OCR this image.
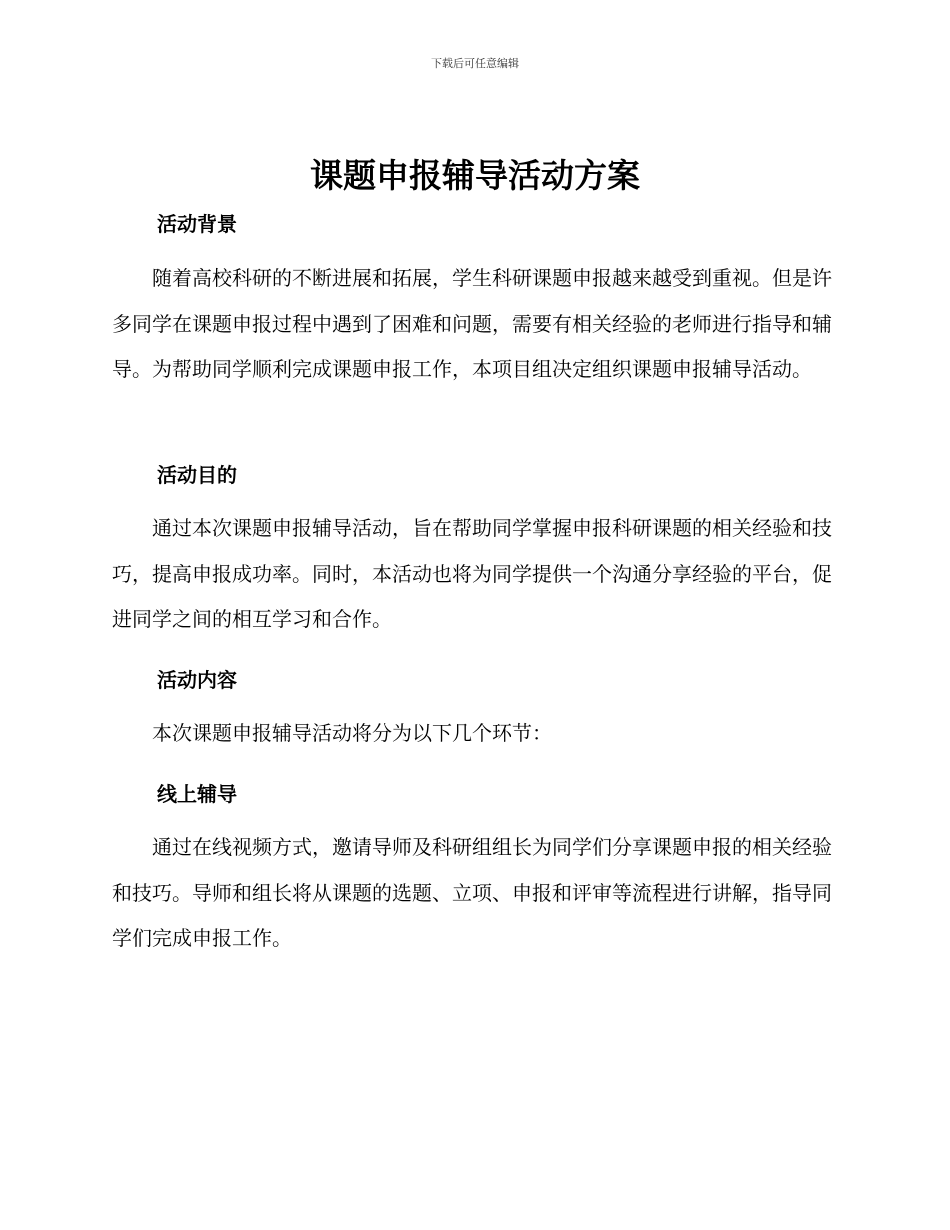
下载后可任意编辑
课题申报辅导活动方案
活动背景

随着高校科研的不断进展和拓展，学生科研课题申报越来越受到重视。但是许多同学在课题申报过程中遇到了困难和问题，需要有相关经验的老师进行指导和辅导。为帮助同学顺利完成课题申报工作，本项目组决定组织课题申报辅导活动。

活动目的

通过本次课题申报辅导活动，旨在帮助同学掌握申报科研课题的相关经验和技巧，提高申报成功率。同时，本活动也将为同学提供一个沟通分享经验的平台，促进同学之间的相互学习和合作。

活动内容

本次课题申报辅导活动将分为以下几个环节：

线上辅导

通过在线视频方式，邀请导师及科研组组长为同学们分享课题申报的相关经验和技巧。导师和组长将从课题的选题、立项、申报和评审等流程进行讲解，指导同学们完成申报工作。
